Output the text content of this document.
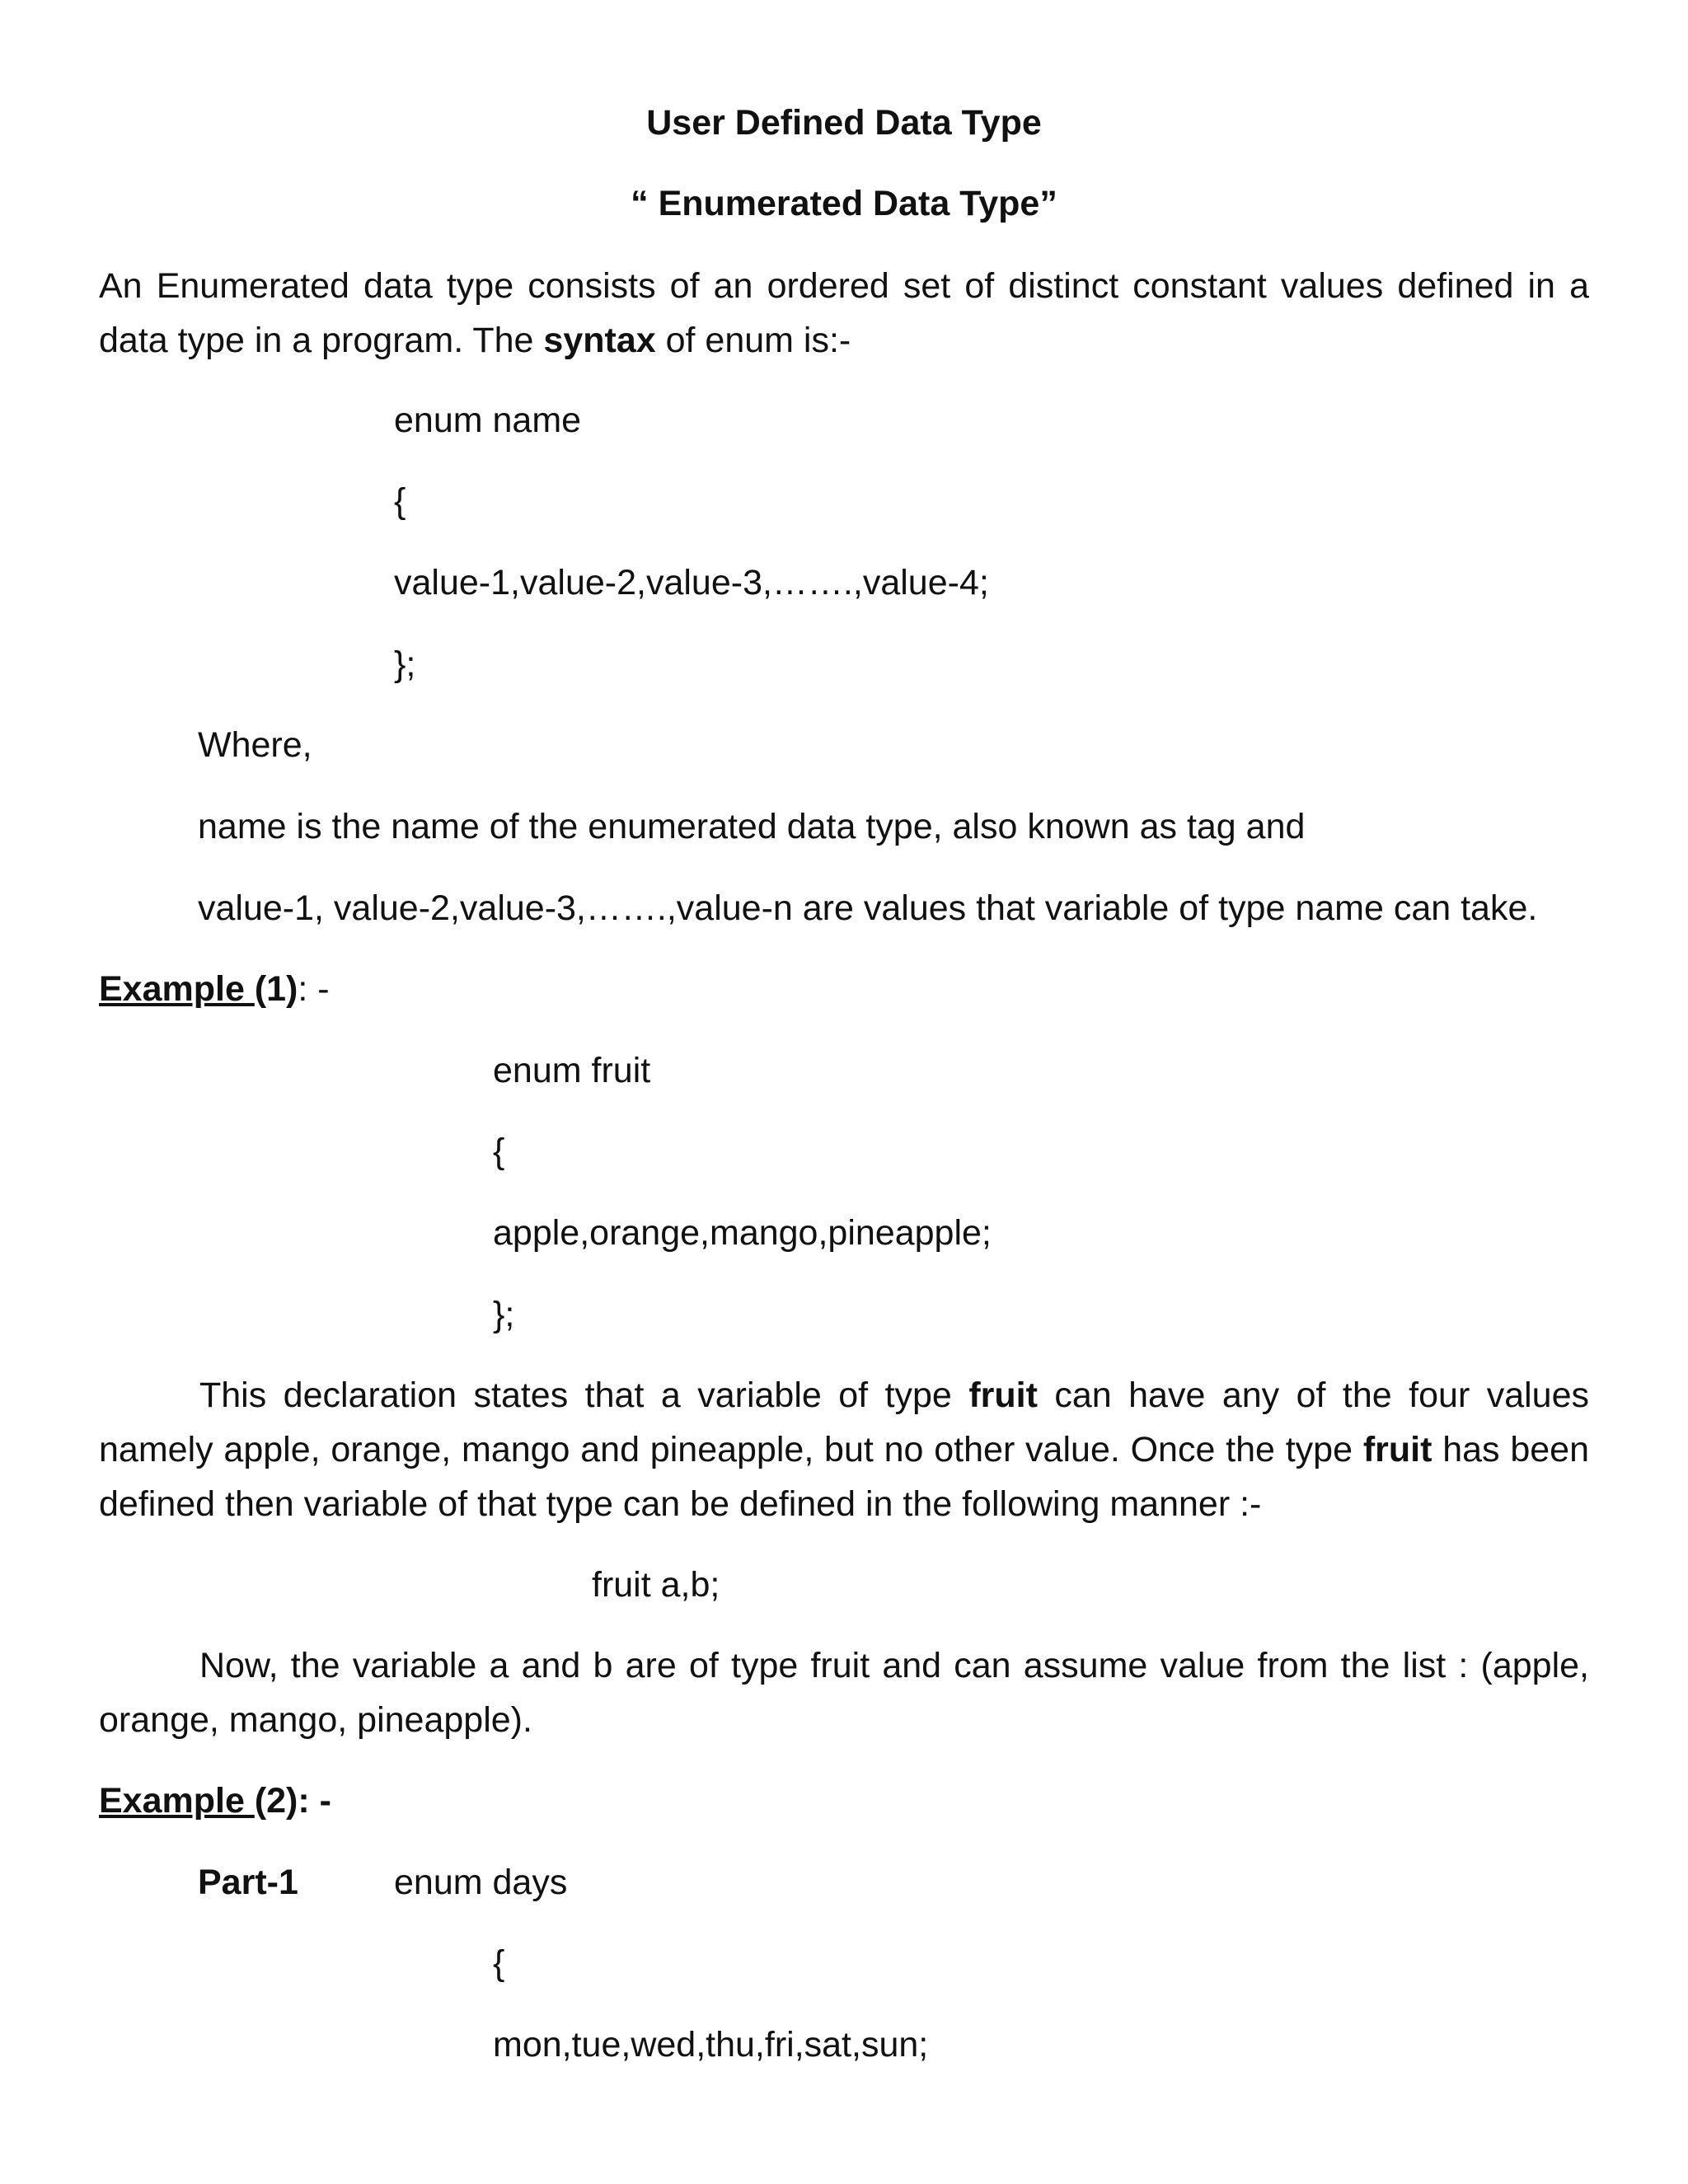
User Defined Data Type
“ Enumerated Data Type”
An Enumerated data type consists of an ordered set of distinct constant values defined in a data type in a program. The syntax of enum is:-
enum name
{
value-1,value-2,value-3,…….,value-4;
};
Where,
name is the name of the enumerated data type, also known as tag and
value-1, value-2,value-3,…….,value-n are values that variable of type name can take.
Example (1): -
enum fruit
{
apple,orange,mango,pineapple;
};
This declaration states that a variable of type fruit can have any of the four values namely apple, orange, mango and pineapple, but no other value. Once the type fruit has been defined then variable of that type can be defined in the following manner :-
fruit a,b;
Now, the variable a and b are of type fruit and can assume value from the list : (apple, orange, mango, pineapple).
Example (2): -
Part-1	enum days
{
mon,tue,wed,thu,fri,sat,sun;
